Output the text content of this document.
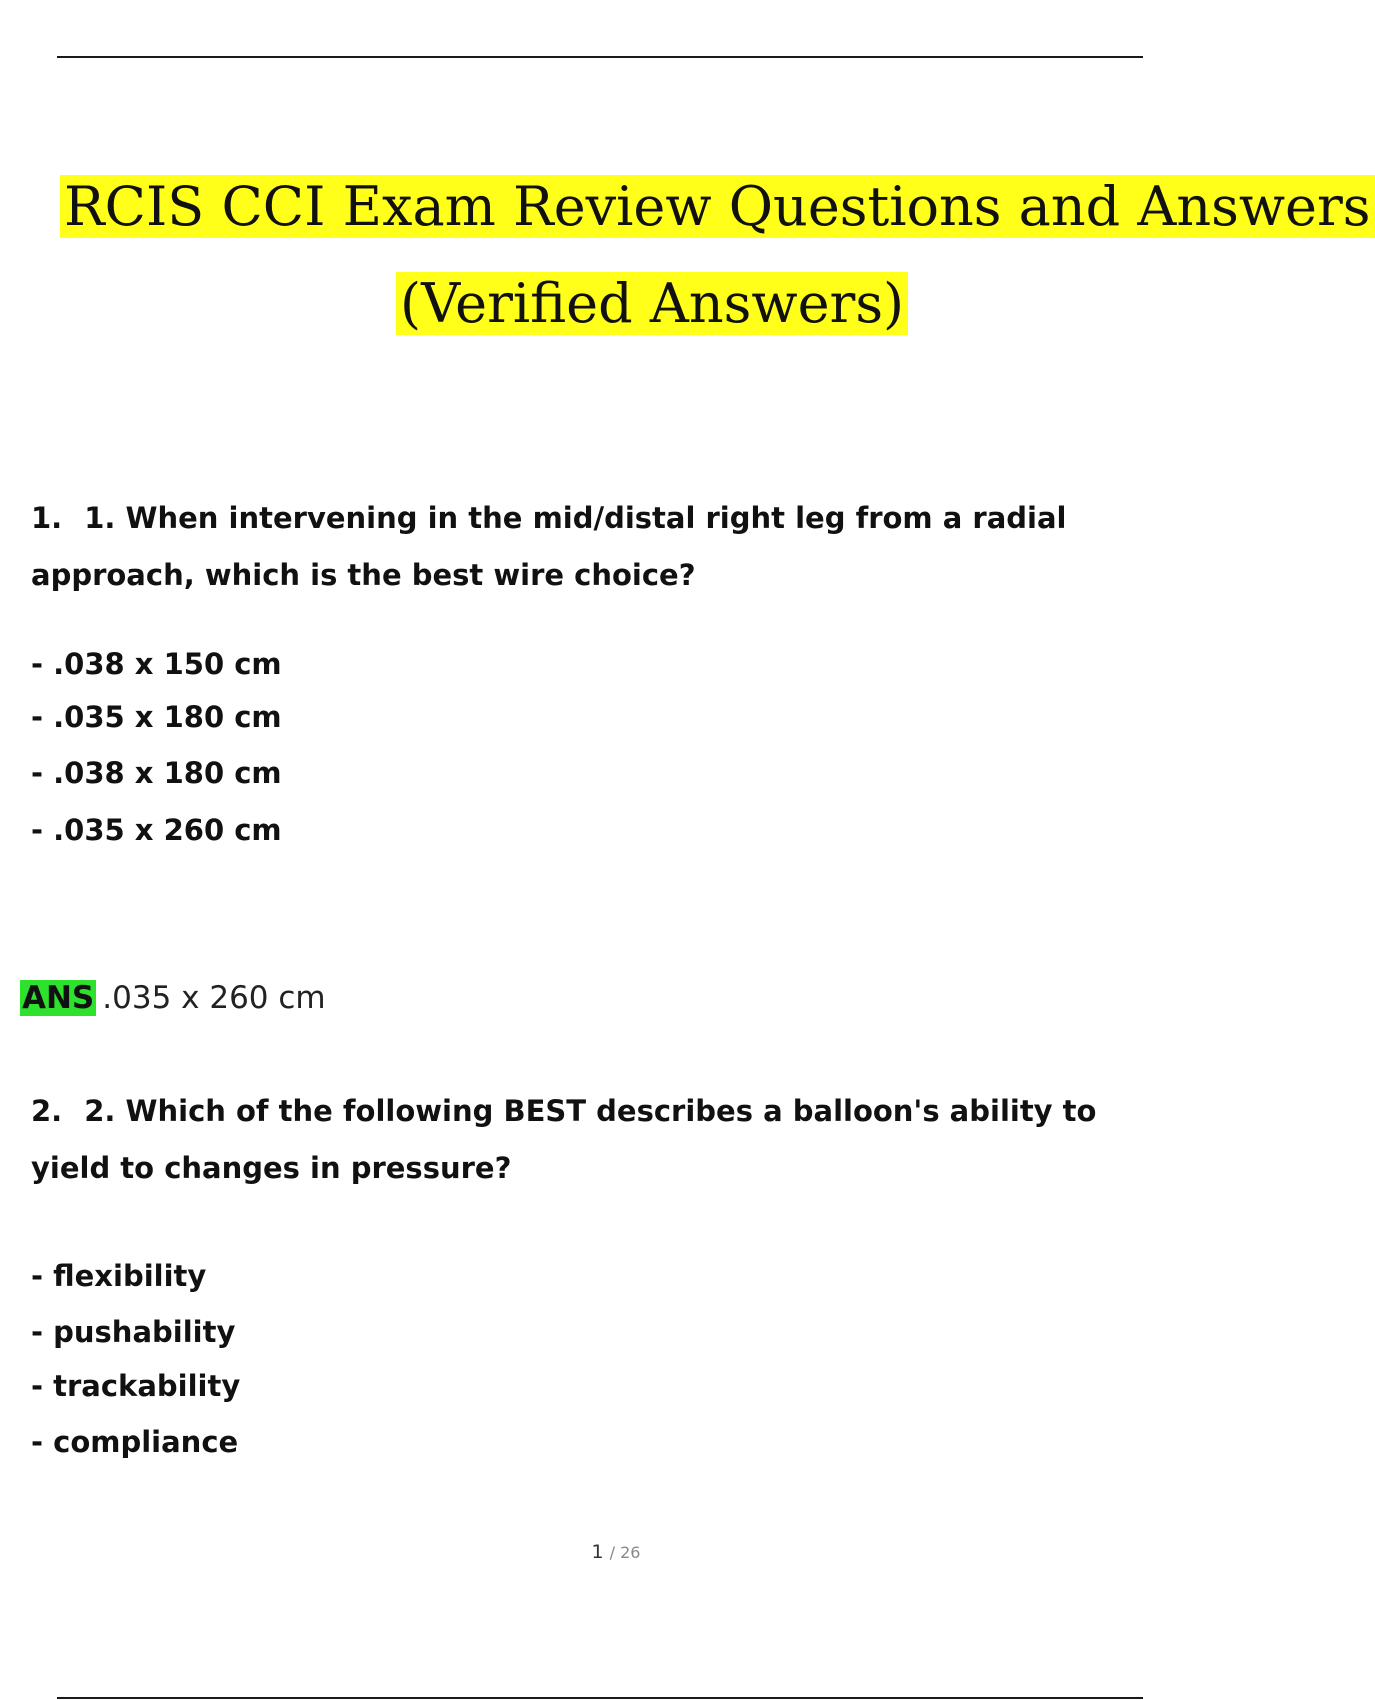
RCIS CCI Exam Review Questions and Answers
(Verified Answers)
1. 1. When intervening in the mid/distal right leg from a radial approach, which is the best wire choice?
- .038 x 150 cm
- .035 x 180 cm
- .038 x 180 cm
- .035 x 260 cm
ANS .035 x 260 cm
2. 2. Which of the following BEST describes a balloon's ability to yield to changes in pressure?
- flexibility
- pushability
- trackability
- compliance
1 / 26
